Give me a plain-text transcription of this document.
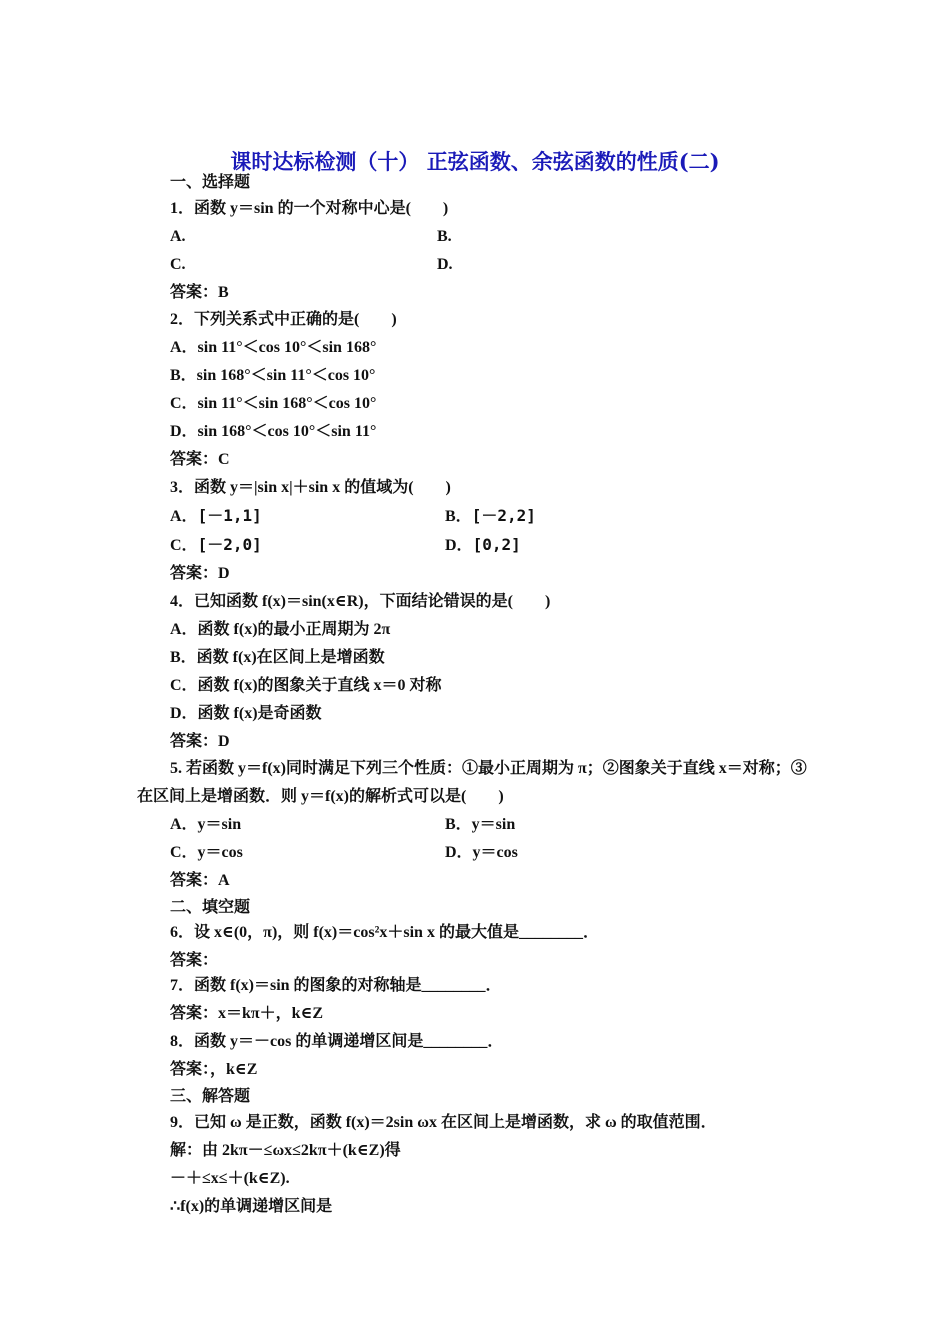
课时达标检测（十） 正弦函数、余弦函数的性质(二)
一、选择题
1．函数 y＝sin 的一个对称中心是(　　)
A.	B.
C.	D.
答案：B
2．下列关系式中正确的是(　　)
A．sin 11°＜cos 10°＜sin 168°
B．sin 168°＜sin 11°＜cos 10°
C．sin 11°＜sin 168°＜cos 10°
D．sin 168°＜cos 10°＜sin 11°
答案：C
3．函数 y＝|sin x|＋sin x 的值域为(　　)
A．[－1,1]	B．[－2,2]
C．[－2,0]	D．[0,2]
答案：D
4．已知函数 f(x)＝sin(x∈R)，下面结论错误的是(　　)
A．函数 f(x)的最小正周期为 2π
B．函数 f(x)在区间上是增函数
C．函数 f(x)的图象关于直线 x＝0 对称
D．函数 f(x)是奇函数
答案：D
5. 若函数 y＝f(x)同时满足下列三个性质：①最小正周期为 π；②图象关于直线 x＝对称；③
在区间上是增函数．则 y＝f(x)的解析式可以是(　　)
A．y＝sin	B．y＝sin
C．y＝cos	D．y＝cos
答案：A
二、填空题
6．设 x∈(0，π)，则 f(x)＝cos²x＋sin x 的最大值是________．
答案：
7．函数 f(x)＝sin 的图象的对称轴是________．
答案：x＝kπ＋，k∈Z
8．函数 y＝－cos 的单调递增区间是________．
答案：，k∈Z
三、解答题
9．已知 ω 是正数，函数 f(x)＝2sin ωx 在区间上是增函数，求 ω 的取值范围．
解：由 2kπ－≤ωx≤2kπ＋(k∈Z)得
－＋≤x≤＋(k∈Z).
∴f(x)的单调递增区间是
